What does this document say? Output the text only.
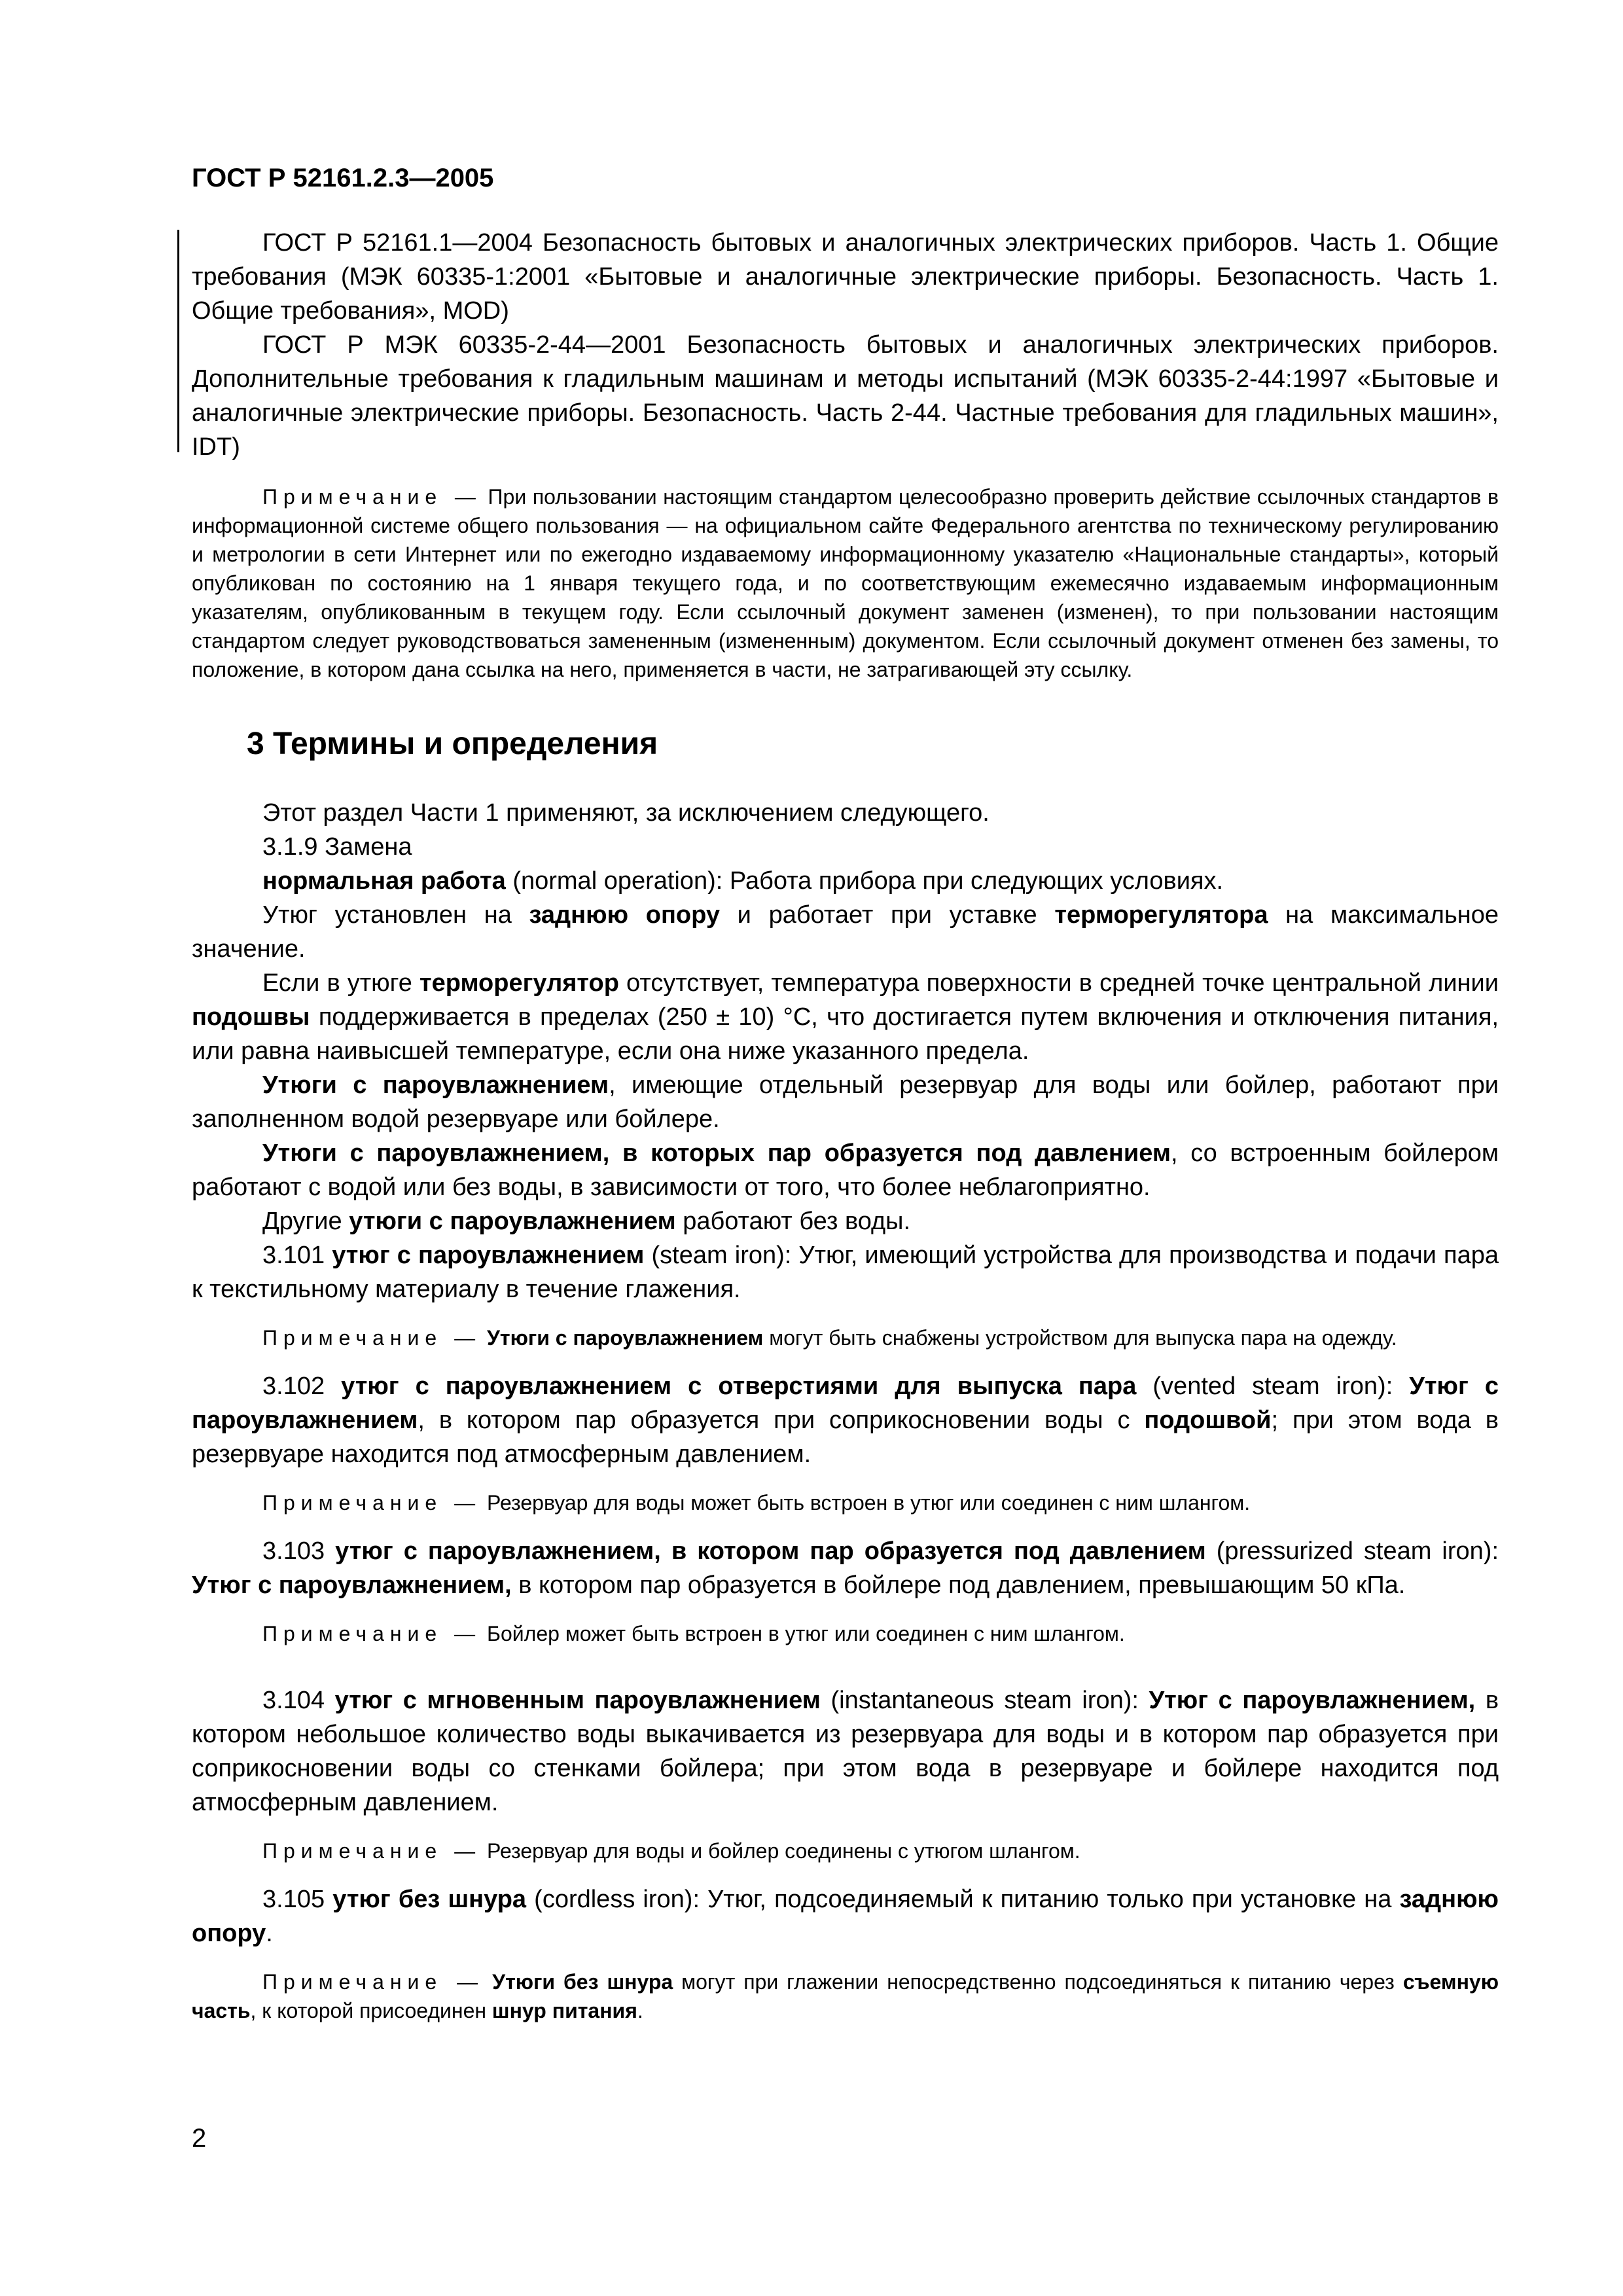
ГОСТ Р 52161.2.3—2005

ГОСТ Р 52161.1—2004 Безопасность бытовых и аналогичных электрических приборов. Часть 1. Общие требования (МЭК 60335-1:2001 «Бытовые и аналогичные электрические приборы. Безопасность. Часть 1. Общие требования», MOD)

ГОСТ Р МЭК 60335-2-44—2001 Безопасность бытовых и аналогичных электрических приборов. Дополнительные требования к гладильным машинам и методы испытаний (МЭК 60335-2-44:1997 «Бытовые и аналогичные электрические приборы. Безопасность. Часть 2-44. Частные требования для гладильных машин», IDT)

Примечание — При пользовании настоящим стандартом целесообразно проверить действие ссылочных стандартов в информационной системе общего пользования — на официальном сайте Федерального агентства по техническому регулированию и метрологии в сети Интернет или по ежегодно издаваемому информационному указателю «Национальные стандарты», который опубликован по состоянию на 1 января текущего года, и по соответствующим ежемесячно издаваемым информационным указателям, опубликованным в текущем году. Если ссылочный документ заменен (изменен), то при пользовании настоящим стандартом следует руководствоваться замененным (измененным) документом. Если ссылочный документ отменен без замены, то положение, в котором дана ссылка на него, применяется в части, не затрагивающей эту ссылку.

3 Термины и определения

Этот раздел Части 1 применяют, за исключением следующего.

3.1.9 Замена

нормальная работа (normal operation): Работа прибора при следующих условиях.

Утюг установлен на заднюю опору и работает при уставке терморегулятора на максимальное значение.

Если в утюге терморегулятор отсутствует, температура поверхности в средней точке центральной линии подошвы поддерживается в пределах (250 ± 10) °С, что достигается путем включения и отключения питания, или равна наивысшей температуре, если она ниже указанного предела.

Утюги с пароувлажнением, имеющие отдельный резервуар для воды или бойлер, работают при заполненном водой резервуаре или бойлере.

Утюги с пароувлажнением, в которых пар образуется под давлением, со встроенным бойлером работают с водой или без воды, в зависимости от того, что более неблагоприятно.

Другие утюги с пароувлажнением работают без воды.

3.101 утюг с пароувлажнением (steam iron): Утюг, имеющий устройства для производства и подачи пара к текстильному материалу в течение глажения.

Примечание — Утюги с пароувлажнением могут быть снабжены устройством для выпуска пара на одежду.

3.102 утюг с пароувлажнением с отверстиями для выпуска пара (vented steam iron): Утюг с пароувлажнением, в котором пар образуется при соприкосновении воды с подошвой; при этом вода в резервуаре находится под атмосферным давлением.

Примечание — Резервуар для воды может быть встроен в утюг или соединен с ним шлангом.

3.103 утюг с пароувлажнением, в котором пар образуется под давлением (pressurized steam iron): Утюг с пароувлажнением, в котором пар образуется в бойлере под давлением, превышающим 50 кПа.

Примечание — Бойлер может быть встроен в утюг или соединен с ним шлангом.

3.104 утюг с мгновенным пароувлажнением (instantaneous steam iron): Утюг с пароувлажнением, в котором небольшое количество воды выкачивается из резервуара для воды и в котором пар образуется при соприкосновении воды со стенками бойлера; при этом вода в резервуаре и бойлере находится под атмосферным давлением.

Примечание — Резервуар для воды и бойлер соединены с утюгом шлангом.

3.105 утюг без шнура (cordless iron): Утюг, подсоединяемый к питанию только при установке на заднюю опору.

Примечание — Утюги без шнура могут при глажении непосредственно подсоединяться к питанию через съемную часть, к которой присоединен шнур питания.

2
